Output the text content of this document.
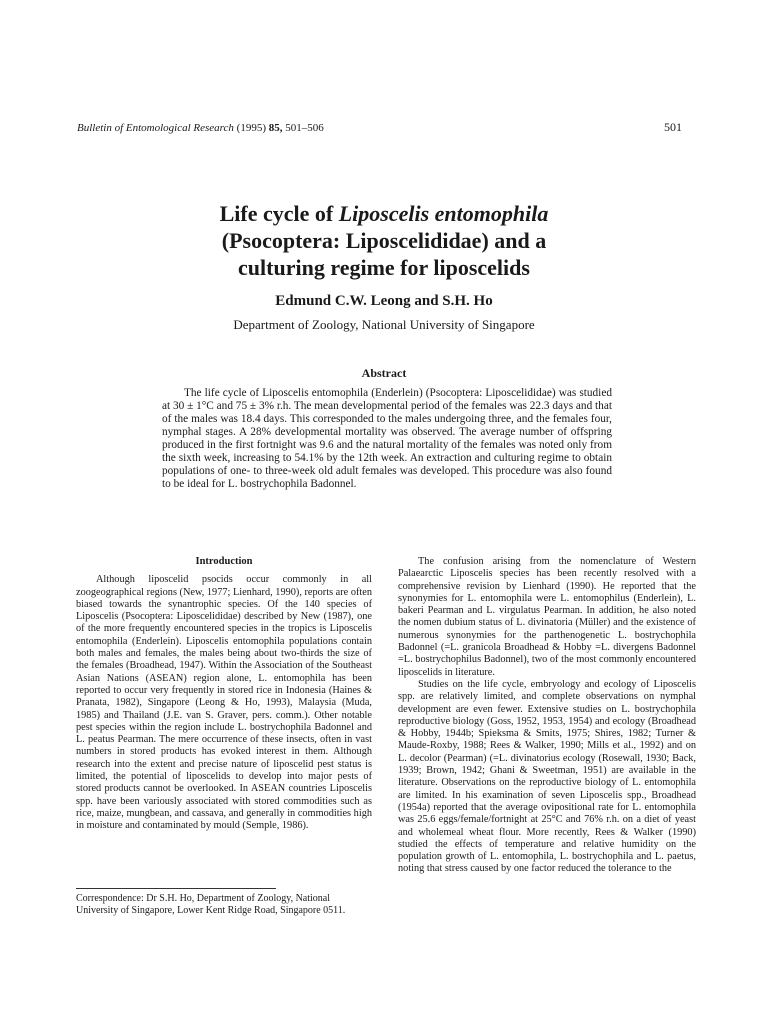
Bulletin of Entomological Research (1995) 85, 501–506	501
Life cycle of Liposcelis entomophila
(Psocoptera: Liposcelididae) and a
culturing regime for liposcelids
Edmund C.W. Leong and S.H. Ho
Department of Zoology, National University of Singapore
Abstract
The life cycle of Liposcelis entomophila (Enderlein) (Psocoptera: Liposcelididae) was studied at 30 ± 1°C and 75 ± 3% r.h. The mean developmental period of the females was 22.3 days and that of the males was 18.4 days. This corresponded to the males undergoing three, and the females four, nymphal stages. A 28% developmental mortality was observed. The average number of offspring produced in the first fortnight was 9.6 and the natural mortality of the females was noted only from the sixth week, increasing to 54.1% by the 12th week. An extraction and culturing regime to obtain populations of one- to three-week old adult females was developed. This procedure was also found to be ideal for L. bostrychophila Badonnel.
Introduction

Although liposcelid psocids occur commonly in all zoogeographical regions (New, 1977; Lienhard, 1990), reports are often biased towards the synantrophic species. Of the 140 species of Liposcelis (Psocoptera: Liposcelididae) described by New (1987), one of the more frequently encountered species in the tropics is Liposcelis entomophila (Enderlein). Liposcelis entomophila populations contain both males and females, the males being about two-thirds the size of the females (Broadhead, 1947). Within the Association of the Southeast Asian Nations (ASEAN) region alone, L. entomophila has been reported to occur very frequently in stored rice in Indonesia (Haines & Pranata, 1982), Singapore (Leong & Ho, 1993), Malaysia (Muda, 1985) and Thailand (J.E. van S. Graver, pers. comm.). Other notable pest species within the region include L. bostrychophila Badonnel and L. peatus Pearman. The mere occurrence of these insects, often in vast numbers in stored products has evoked interest in them. Although research into the extent and precise nature of liposcelid pest status is limited, the potential of liposcelids to develop into major pests of stored products cannot be overlooked. In ASEAN countries Liposcelis spp. have been variously associated with stored commodities such as rice, maize, mungbean, and cassava, and generally in commodities high in moisture and contaminated by mould (Semple, 1986).

The confusion arising from the nomenclature of Western Palaearctic Liposcelis species has been recently resolved with a comprehensive revision by Lienhard (1990). He reported that the synonymies for L. entomophila were L. entomophilus (Enderlein), L. bakeri Pearman and L. virgulatus Pearman. In addition, he also noted the nomen dubium status of L. divinatoria (Müller) and the existence of numerous synonymies for the parthenogenetic L. bostrychophila Badonnel (=L. granicola Broadhead & Hobby =L. divergens Badonnel =L. bostrychophilus Badonnel), two of the most commonly encountered liposcelids in literature.

Studies on the life cycle, embryology and ecology of Liposcelis spp. are relatively limited, and complete observations on nymphal development are even fewer. Extensive studies on L. bostrychophila reproductive biology (Goss, 1952, 1953, 1954) and ecology (Broadhead & Hobby, 1944b; Spieksma & Smits, 1975; Shires, 1982; Turner & Maude-Roxby, 1988; Rees & Walker, 1990; Mills et al., 1992) and on L. decolor (Pearman) (=L. divinatorius ecology (Rosewall, 1930; Back, 1939; Brown, 1942; Ghani & Sweetman, 1951) are available in the literature. Observations on the reproductive biology of L. entomophila are limited. In his examination of seven Liposcelis spp., Broadhead (1954a) reported that the average ovipositional rate for L. entomophila was 25.6 eggs/female/fortnight at 25°C and 76% r.h. on a diet of yeast and wholemeal wheat flour. More recently, Rees & Walker (1990) studied the effects of temperature and relative humidity on the population growth of L. entomophila, L. bostrychophila and L. paetus, noting that stress caused by one factor reduced the tolerance to the

Correspondence: Dr S.H. Ho, Department of Zoology, National University of Singapore, Lower Kent Ridge Road, Singapore 0511.
